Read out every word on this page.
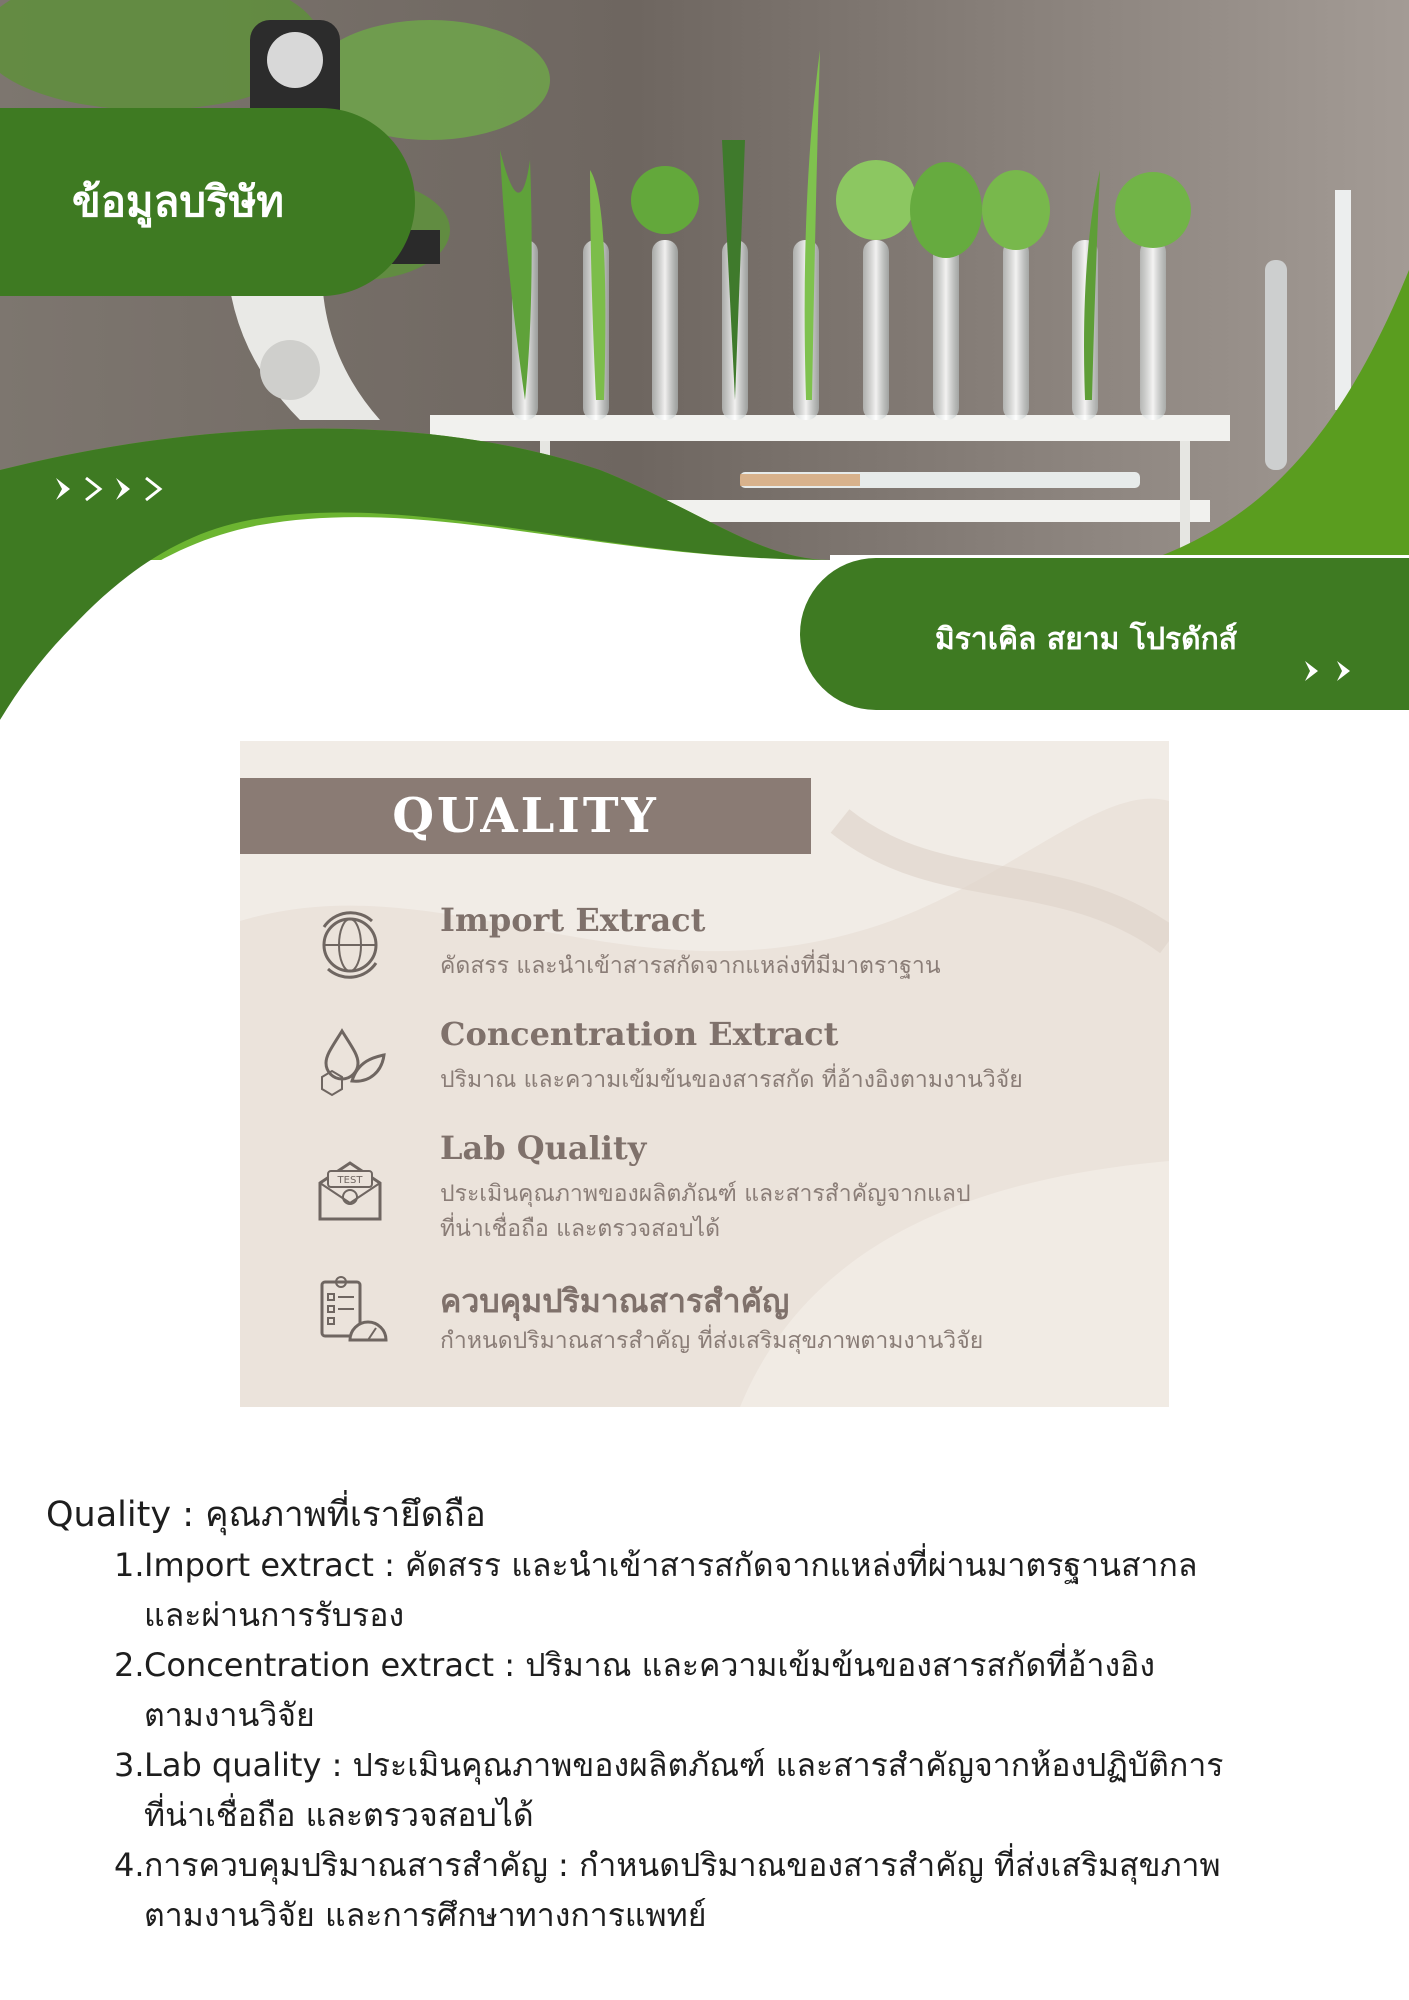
ข้อมูลบริษัท
มิราเคิล สยาม โปรดักส์
QUALITY
Import Extract
คัดสรร และนำเข้าสารสกัดจากแหล่งที่มีมาตราฐาน
Concentration Extract
ปริมาณ และความเข้มข้นของสารสกัด ที่อ้างอิงตามงานวิจัย
TEST
Lab Quality
ประเมินคุณภาพของผลิตภัณฑ์ และสารสำคัญจากแลป
ที่น่าเชื่อถือ และตรวจสอบได้
ควบคุมปริมาณสารสำคัญ
กำหนดปริมาณสารสำคัญ ที่ส่งเสริมสุขภาพตามงานวิจัย
Quality : คุณภาพที่เรายึดถือ
1. Import extract : คัดสรร และนำเข้าสารสกัดจากแหล่งที่ผ่านมาตรฐานสากล
และผ่านการรับรอง
2. Concentration extract : ปริมาณ และความเข้มข้นของสารสกัดที่อ้างอิง
ตามงานวิจัย
3. Lab quality : ประเมินคุณภาพของผลิตภัณฑ์ และสารสำคัญจากห้องปฏิบัติการ
ที่น่าเชื่อถือ และตรวจสอบได้
4. การควบคุมปริมาณสารสำคัญ : กำหนดปริมาณของสารสำคัญ ที่ส่งเสริมสุขภาพ
ตามงานวิจัย และการศึกษาทางการแพทย์
